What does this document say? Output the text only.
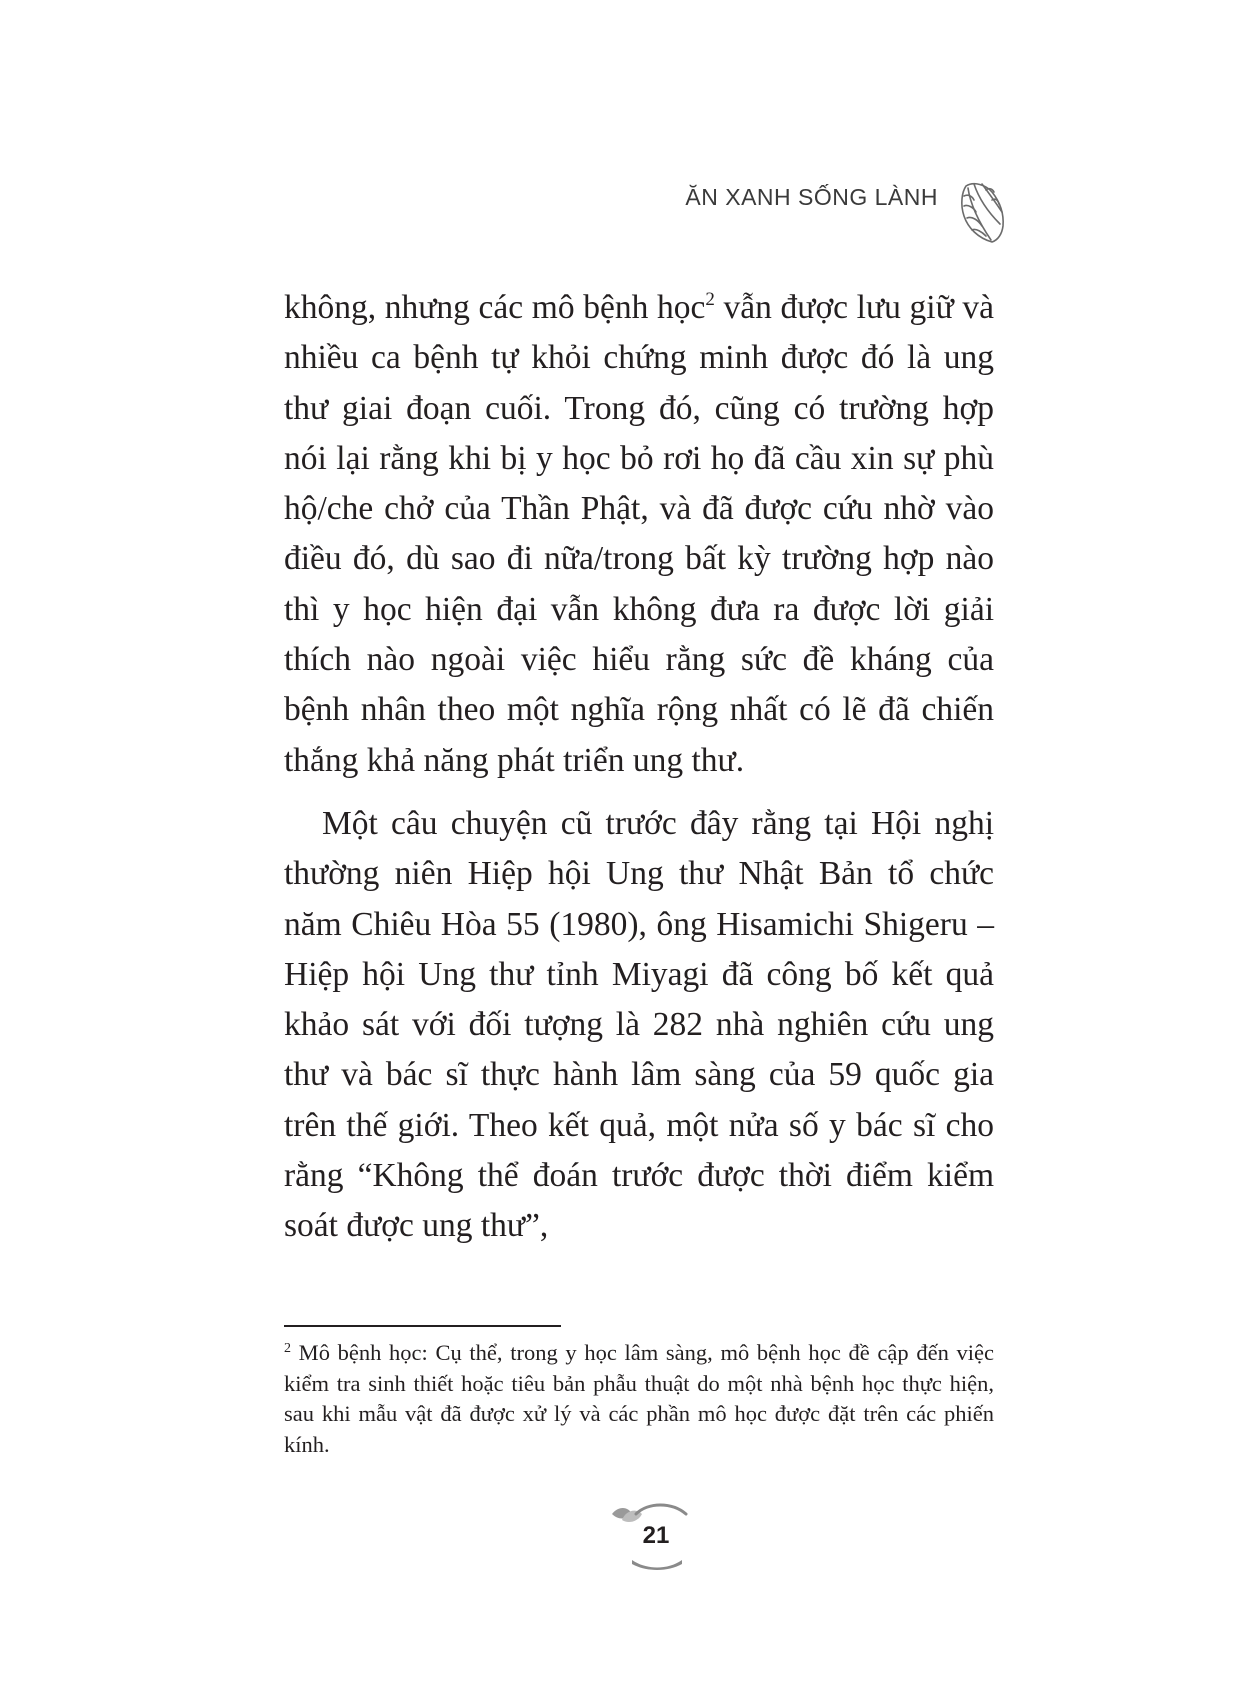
ĂN XANH SỐNG LÀNH

không, nhưng các mô bệnh học$^2$ vẫn được lưu giữ và nhiều ca bệnh tự khỏi chứng minh được đó là ung thư giai đoạn cuối. Trong đó, cũng có trường hợp nói lại rằng khi bị y học bỏ rơi họ đã cầu xin sự phù hộ/che chở của Thần Phật, và đã được cứu nhờ vào điều đó, dù sao đi nữa/trong bất kỳ trường hợp nào thì y học hiện đại vẫn không đưa ra được lời giải thích nào ngoài việc hiểu rằng sức đề kháng của bệnh nhân theo một nghĩa rộng nhất có lẽ đã chiến thắng khả năng phát triển ung thư.

Một câu chuyện cũ trước đây rằng tại Hội nghị thường niên Hiệp hội Ung thư Nhật Bản tổ chức năm Chiêu Hòa 55 (1980), ông Hisamichi Shigeru – Hiệp hội Ung thư tỉnh Miyagi đã công bố kết quả khảo sát với đối tượng là 282 nhà nghiên cứu ung thư và bác sĩ thực hành lâm sàng của 59 quốc gia trên thế giới. Theo kết quả, một nửa số y bác sĩ cho rằng “Không thể đoán trước được thời điểm kiểm soát được ung thư”,

$^2$ Mô bệnh học: Cụ thể, trong y học lâm sàng, mô bệnh học đề cập đến việc kiểm tra sinh thiết hoặc tiêu bản phẫu thuật do một nhà bệnh học thực hiện, sau khi mẫu vật đã được xử lý và các phần mô học được đặt trên các phiến kính.

21
